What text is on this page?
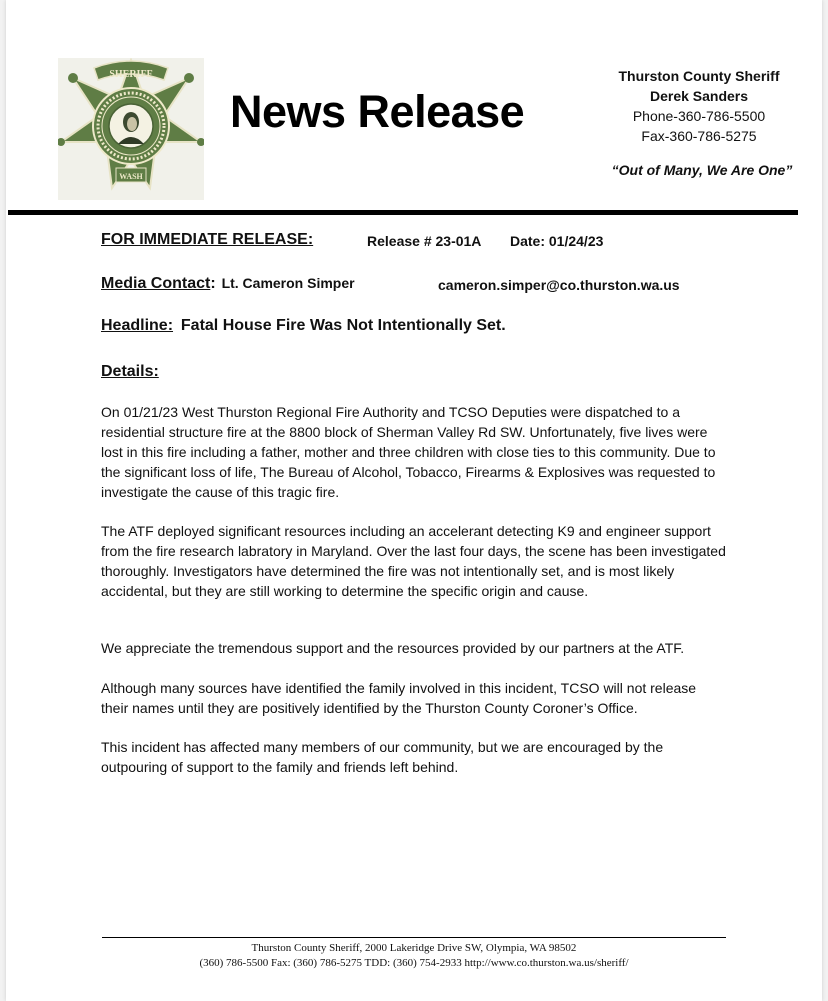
SHERIFF
WASH
News Release
Thurston County Sheriff
Derek Sanders
Phone-360-786-5500
Fax-360-786-5275
“Out of Many, We Are One”
FOR IMMEDIATE RELEASE:	Release # 23-01A Date: 01/24/23
Media Contact: Lt. Cameron Simper	cameron.simper@co.thurston.wa.us
Headline: Fatal House Fire Was Not Intentionally Set.
Details:

On 01/21/23 West Thurston Regional Fire Authority and TCSO Deputies were dispatched to a residential structure fire at the 8800 block of Sherman Valley Rd SW. Unfortunately, five lives were lost in this fire including a father, mother and three children with close ties to this community. Due to the significant loss of life, The Bureau of Alcohol, Tobacco, Firearms & Explosives was requested to investigate the cause of this tragic fire.

The ATF deployed significant resources including an accelerant detecting K9 and engineer support from the fire research labratory in Maryland. Over the last four days, the scene has been investigated thoroughly. Investigators have determined the fire was not intentionally set, and is most likely accidental, but they are still working to determine the specific origin and cause.

We appreciate the tremendous support and the resources provided by our partners at the ATF.

Although many sources have identified the family involved in this incident, TCSO will not release their names until they are positively identified by the Thurston County Coroner’s Office.

This incident has affected many members of our community, but we are encouraged by the outpouring of support to the family and friends left behind.

Thurston County Sheriff, 2000 Lakeridge Drive SW, Olympia, WA 98502
(360) 786-5500 Fax: (360) 786-5275 TDD: (360) 754-2933 http://www.co.thurston.wa.us/sheriff/
